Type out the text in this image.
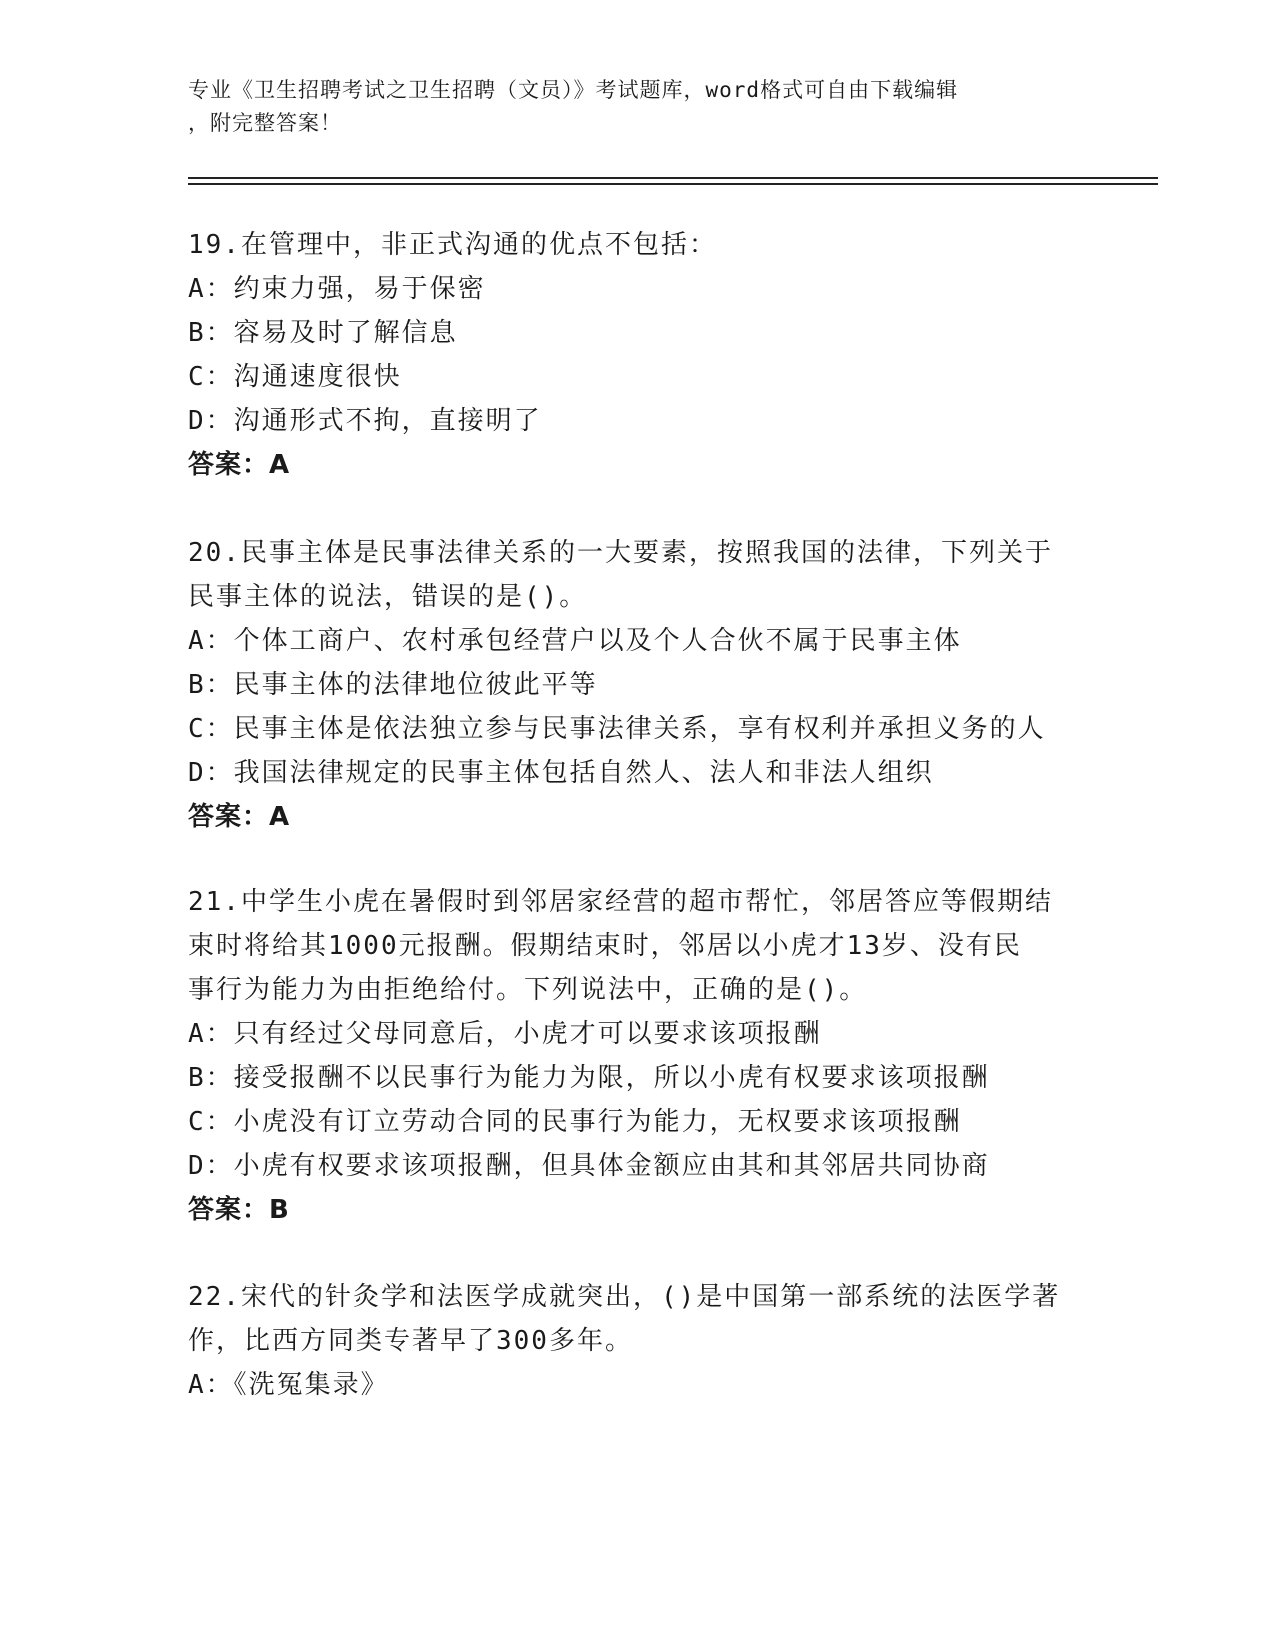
专业《卫生招聘考试之卫生招聘（文员）》考试题库，word格式可自由下载编辑
，附完整答案！
19.在管理中，非正式沟通的优点不包括：
A：约束力强，易于保密
B：容易及时了解信息
C：沟通速度很快
D：沟通形式不拘，直接明了
答案：A
20.民事主体是民事法律关系的一大要素，按照我国的法律，下列关于
民事主体的说法，错误的是()。
A：个体工商户、农村承包经营户以及个人合伙不属于民事主体
B：民事主体的法律地位彼此平等
C：民事主体是依法独立参与民事法律关系，享有权利并承担义务的人
D：我国法律规定的民事主体包括自然人、法人和非法人组织
答案：A
21.中学生小虎在暑假时到邻居家经营的超市帮忙，邻居答应等假期结
束时将给其1000元报酬。假期结束时，邻居以小虎才13岁、没有民
事行为能力为由拒绝给付。下列说法中，正确的是()。
A：只有经过父母同意后，小虎才可以要求该项报酬
B：接受报酬不以民事行为能力为限，所以小虎有权要求该项报酬
C：小虎没有订立劳动合同的民事行为能力，无权要求该项报酬
D：小虎有权要求该项报酬，但具体金额应由其和其邻居共同协商
答案：B
22.宋代的针灸学和法医学成就突出，()是中国第一部系统的法医学著
作，比西方同类专著早了300多年。
A：《洗冤集录》
